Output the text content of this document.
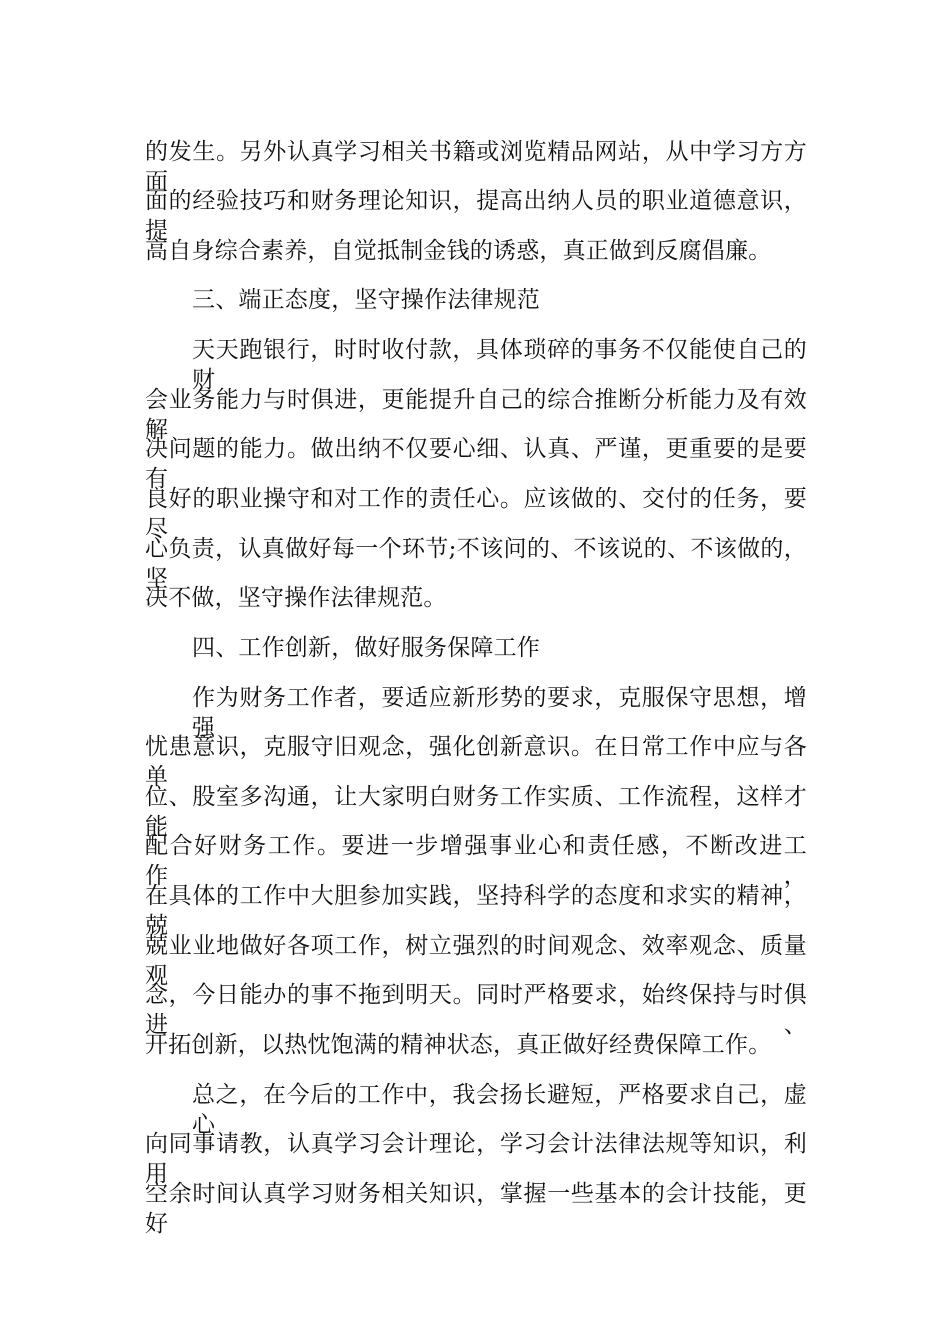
的发生。另外认真学习相关书籍或浏览精品网站，从中学习方方面
面的经验技巧和财务理论知识，提高出纳人员的职业道德意识，提
高自身综合素养，自觉抵制金钱的诱惑，真正做到反腐倡廉。
三、端正态度，坚守操作法律规范
天天跑银行，时时收付款，具体琐碎的事务不仅能使自己的财
会业务能力与时俱进，更能提升自己的综合推断分析能力及有效解
决问题的能力。做出纳不仅要心细、认真、严谨，更重要的是要有
良好的职业操守和对工作的责任心。应该做的、交付的任务，要尽
心负责，认真做好每一个环节;不该问的、不该说的、不该做的，坚
决不做，坚守操作法律规范。
四、工作创新，做好服务保障工作
作为财务工作者，要适应新形势的要求，克服保守思想，增强
忧患意识，克服守旧观念，强化创新意识。在日常工作中应与各单
位、股室多沟通，让大家明白财务工作实质、工作流程，这样才能
配合好财务工作。要进一步增强事业心和责任感，不断改进工作，
在具体的工作中大胆参加实践，坚持科学的态度和求实的精神，兢
兢业业地做好各项工作，树立强烈的时间观念、效率观念、质量观
念，今日能办的事不拖到明天。同时严格要求，始终保持与时俱进、
开拓创新，以热忱饱满的精神状态，真正做好经费保障工作。
总之，在今后的工作中，我会扬长避短，严格要求自己，虚心
向同事请教，认真学习会计理论，学习会计法律法规等知识，利用
空余时间认真学习财务相关知识，掌握一些基本的会计技能，更好
